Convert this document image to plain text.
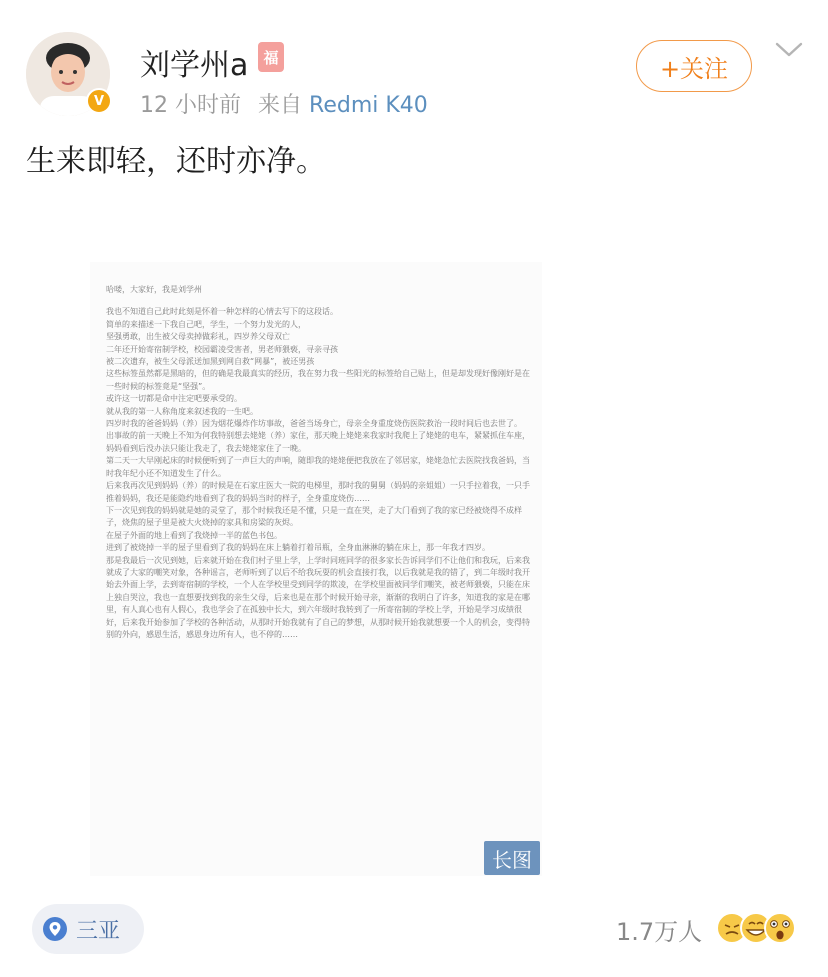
V
刘学州a 福
12 小时前 来自 Redmi K40
+关注
生来即轻，还时亦净。

哈喽，大家好，我是刘学州

我也不知道自己此时此刻是怀着一种怎样的心情去写下的这段话。

简单的来描述一下我自己吧，学生，一个努力发光的人，

坚强勇敢，出生被父母卖掉做彩礼，四岁养父母双亡

二年还开始寄宿制学校，校园霸凌受害者，男老师猥亵，寻亲寻孩

被二次遗弃，被生父母派送加黑到网自救“网暴”，被还男孩

这些标签虽然都是黑暗的，但的确是我最真实的经历，我在努力我一些阳光的标签给自己贴上，但是却发现好像刚好是在一些时候的标签竟是“坚强”。

或许这一切都是命中注定吧要承受的。

就从我的第一人称角度来叙述我的一生吧。

四岁时我的爸爸妈妈（养）因为烟花爆炸作坊事故，爸爸当场身亡，母亲全身重度烧伤医院救治一段时间后也去世了。

出事故的前一天晚上不知为何我特别想去姥姥（养）家住，那天晚上姥姥来我家时我爬上了姥姥的电车，紧紧抓住车座，妈妈看到后没办法只能让我走了，我去姥姥家住了一晚。

第二天一大早刚起床的时候便听到了一声巨大的声响，随即我的姥姥便把我放在了邻居家，姥姥急忙去医院找我爸妈，当时我年纪小还不知道发生了什么。

后来我再次见到妈妈（养）的时候是在石家庄医大一院的电梯里，那时我的舅舅（妈妈的亲姐姐）一只手拉着我，一只手推着妈妈，我还是能隐约地看到了我的妈妈当时的样子，全身重度烧伤……

下一次见到我的妈妈就是她的灵堂了，那个时候我还是不懂，只是一直在哭，走了大门看到了我的家已经被烧得不成样子，烧焦的屋子里是被大火烧掉的家具和房梁的灰烬。

在屋子外面的地上看到了我烧掉一半的蓝色书包。

进到了被烧掉一半的屋子里看到了我的妈妈在床上躺着打着吊瓶，全身血淋淋的躺在床上，那一年我才四岁。

那是我最后一次见到她，后来就开始在我们村子里上学，上学时同班同学的很多家长告诉同学们不让他们和我玩，后来我就成了大家的嘲笑对象，各种谣言，老师听到了以后不给我玩耍的机会直接打我，以后我就是我的错了，到二年级时我开始去外面上学，去到寄宿制的学校，一个人在学校里受到同学的欺凌，在学校里面被同学们嘲笑，被老师猥亵，只能在床上独自哭泣，我也一直想要找到我的亲生父母，后来也是在那个时候开始寻亲，渐渐的我明白了许多，知道我的家是在哪里，有人真心也有人假心，我也学会了在孤独中长大，到六年级时我转到了一所寄宿制的学校上学，开始是学习成绩很好，后来我开始参加了学校的各种活动，从那时开始我就有了自己的梦想，从那时候开始我就想要一个人的机会，变得特别的外向，感恩生活，感恩身边所有人，也不停的……

长图
三亚	1.7万人
